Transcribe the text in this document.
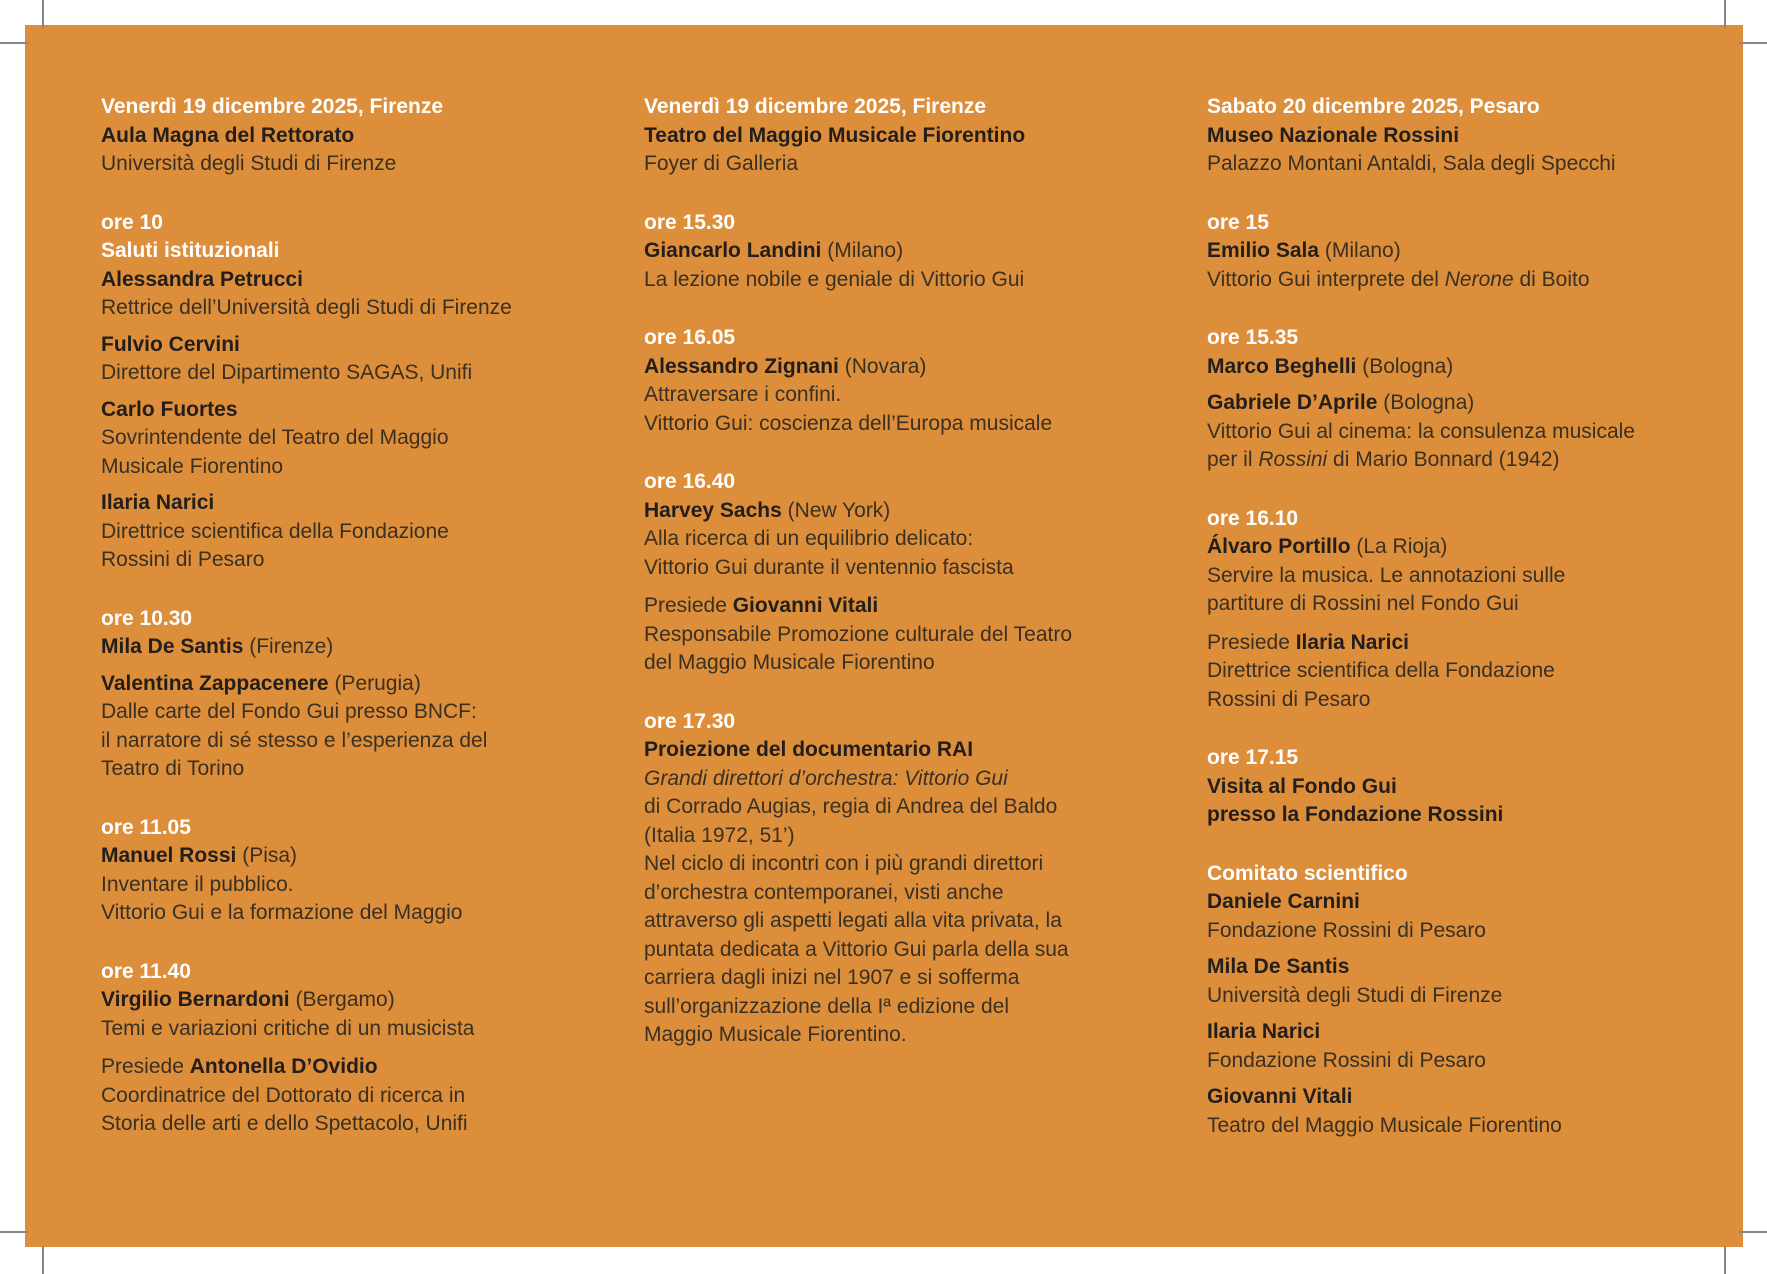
Venerdì 19 dicembre 2025, Firenze
Aula Magna del Rettorato
Università degli Studi di Firenze
ore 10
Saluti istituzionali
Alessandra Petrucci
Rettrice dell’Università degli Studi di Firenze
Fulvio Cervini
Direttore del Dipartimento SAGAS, Unifi
Carlo Fuortes
Sovrintendente del Teatro del Maggio
Musicale Fiorentino
Ilaria Narici
Direttrice scientifica della Fondazione
Rossini di Pesaro
ore 10.30
Mila De Santis (Firenze)
Valentina Zappacenere (Perugia)
Dalle carte del Fondo Gui presso BNCF:
il narratore di sé stesso e l’esperienza del
Teatro di Torino
ore 11.05
Manuel Rossi (Pisa)
Inventare il pubblico.
Vittorio Gui e la formazione del Maggio
ore 11.40
Virgilio Bernardoni (Bergamo)
Temi e variazioni critiche di un musicista
Presiede Antonella D’Ovidio
Coordinatrice del Dottorato di ricerca in
Storia delle arti e dello Spettacolo, Unifi
Venerdì 19 dicembre 2025, Firenze
Teatro del Maggio Musicale Fiorentino
Foyer di Galleria
ore 15.30
Giancarlo Landini (Milano)
La lezione nobile e geniale di Vittorio Gui
ore 16.05
Alessandro Zignani (Novara)
Attraversare i confini.
Vittorio Gui: coscienza dell’Europa musicale
ore 16.40
Harvey Sachs (New York)
Alla ricerca di un equilibrio delicato:
Vittorio Gui durante il ventennio fascista
Presiede Giovanni Vitali
Responsabile Promozione culturale del Teatro
del Maggio Musicale Fiorentino
ore 17.30
Proiezione del documentario RAI
Grandi direttori d’orchestra: Vittorio Gui
di Corrado Augias, regia di Andrea del Baldo
(Italia 1972, 51’)
Nel ciclo di incontri con i più grandi direttori
d’orchestra contemporanei, visti anche
attraverso gli aspetti legati alla vita privata, la
puntata dedicata a Vittorio Gui parla della sua
carriera dagli inizi nel 1907 e si sofferma
sull’organizzazione della Iª edizione del
Maggio Musicale Fiorentino.
Sabato 20 dicembre 2025, Pesaro
Museo Nazionale Rossini
Palazzo Montani Antaldi, Sala degli Specchi
ore 15
Emilio Sala (Milano)
Vittorio Gui interprete del Nerone di Boito
ore 15.35
Marco Beghelli (Bologna)
Gabriele D’Aprile (Bologna)
Vittorio Gui al cinema: la consulenza musicale
per il Rossini di Mario Bonnard (1942)
ore 16.10
Álvaro Portillo (La Rioja)
Servire la musica. Le annotazioni sulle
partiture di Rossini nel Fondo Gui
Presiede Ilaria Narici
Direttrice scientifica della Fondazione
Rossini di Pesaro
ore 17.15
Visita al Fondo Gui
presso la Fondazione Rossini
Comitato scientifico
Daniele Carnini
Fondazione Rossini di Pesaro
Mila De Santis
Università degli Studi di Firenze
Ilaria Narici
Fondazione Rossini di Pesaro
Giovanni Vitali
Teatro del Maggio Musicale Fiorentino
